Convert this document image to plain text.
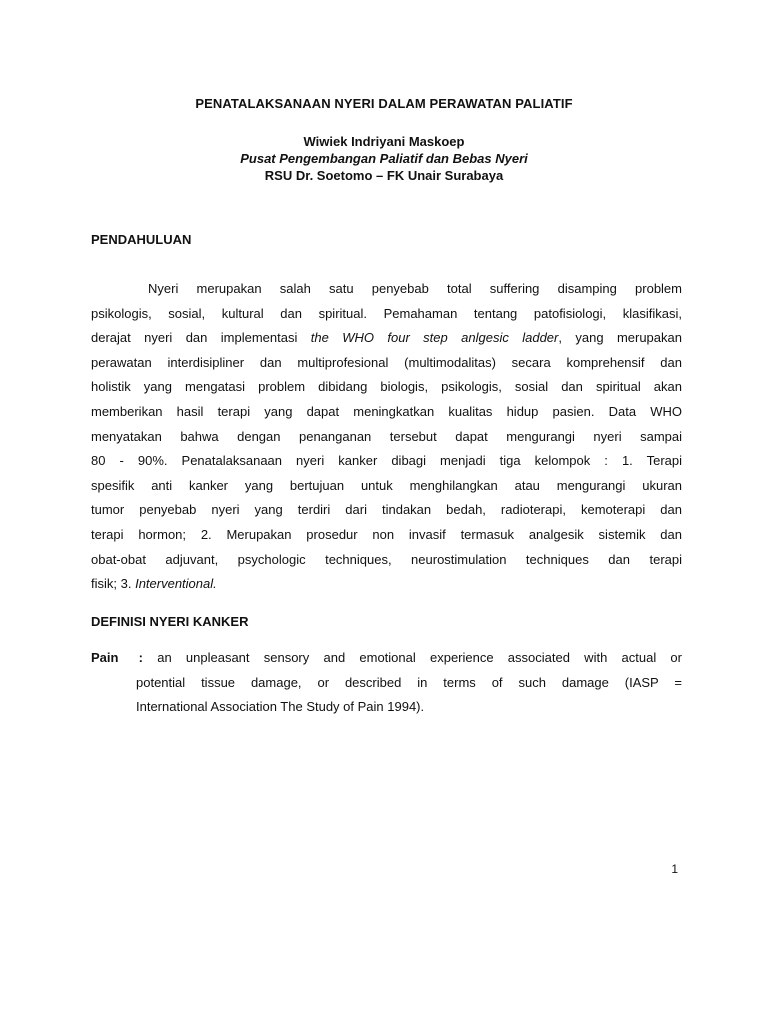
PENATALAKSANAAN NYERI DALAM PERAWATAN PALIATIF
Wiwiek Indriyani Maskoep
Pusat Pengembangan Paliatif dan Bebas Nyeri
RSU Dr. Soetomo – FK Unair Surabaya
PENDAHULUAN
Nyeri merupakan salah satu penyebab total suffering disamping problem
psikologis, sosial, kultural dan spiritual. Pemahaman tentang patofisiologi, klasifikasi,
derajat nyeri dan implementasi the WHO four step anlgesic ladder, yang merupakan
perawatan interdisipliner dan multiprofesional (multimodalitas) secara komprehensif dan
holistik yang mengatasi problem dibidang biologis, psikologis, sosial dan spiritual akan
memberikan hasil terapi yang dapat meningkatkan kualitas hidup pasien. Data WHO
menyatakan bahwa dengan penanganan tersebut dapat mengurangi nyeri sampai
80 - 90%. Penatalaksanaan nyeri kanker dibagi menjadi tiga kelompok : 1. Terapi
spesifik anti kanker yang bertujuan untuk menghilangkan atau mengurangi ukuran
tumor penyebab nyeri yang terdiri dari tindakan bedah, radioterapi, kemoterapi dan
terapi hormon; 2. Merupakan prosedur non invasif termasuk analgesik sistemik dan
obat-obat adjuvant, psychologic techniques, neurostimulation techniques dan terapi
fisik; 3. Interventional.
DEFINISI NYERI KANKER
Pain : an unpleasant sensory and emotional experience associated with actual or
potential tissue damage, or described in terms of such damage (IASP =
International Association The Study of Pain 1994).
1
